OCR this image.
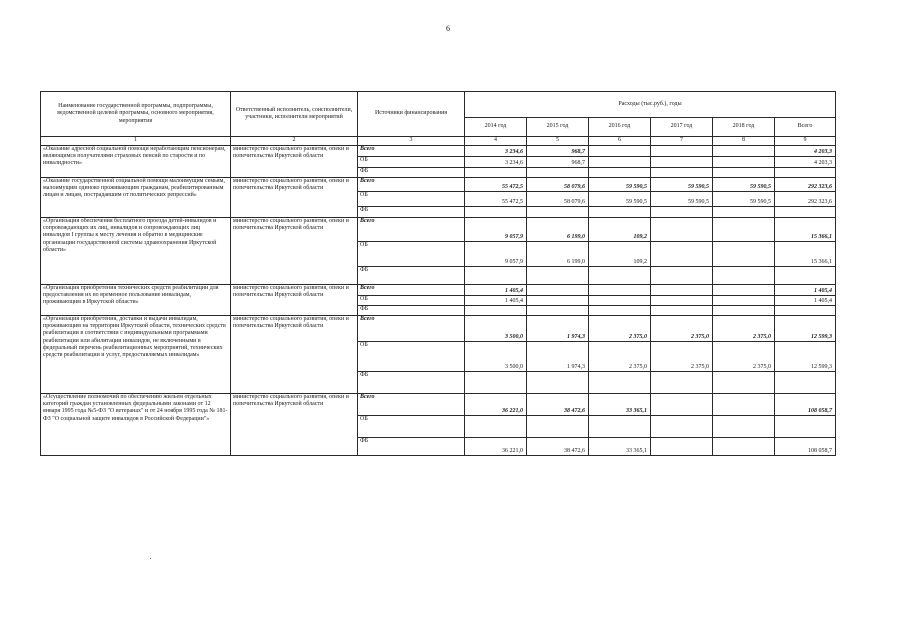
6
Наименование государственной программы, подпрограммы, ведомственной целевой программы, основного мероприятия, мероприятия	Ответственный исполнитель, соисполнители, участники, исполнители мероприятий	Источники финансирования	Расходы (тыс.руб.), годы					
			2014 год	2015 год	2016 год	2017 год	2018 год	Всего
1	2	3	4	5	6	7	8	9
«Оказание адресной социальной помощи неработающим пенсионерам, являющимся получателями страховых пенсий по старости и по инвалидности»	министерство социального развития, опеки и попечительства Иркутской области	Всего	3 234,6	968,7				4 203,3
		ОБ	3 234,6	968,7				4 203,3
		ФБ						
«Оказание государственной социальной помощи малоимущим семьям, малоимущим одиноко проживающим гражданам, реабилитированным лицам и лицам, пострадавшим от политических репрессий»	министерство социального развития, опеки и попечительства Иркутской области	Всего	55 472,5	58 079,6	59 590,5	59 590,5	59 590,5	292 323,6
		ОБ	55 472,5	58 079,6	59 590,5	59 590,5	59 590,5	292 323,6
		ФБ						
«Организация обеспечения бесплатного проезда детей-инвалидов и сопровождающих их лиц, инвалидов и сопровождающих лиц инвалидов I группы к месту лечения и обратно в медицинские организации государственной системы здравоохранения Иркутской области»	министерство социального развития, опеки и попечительства Иркутской области	Всего	9 057,9	6 199,0	109,2			15 366,1
		ОБ	9 057,9	6 199,0	109,2			15 366,1
		ФБ						
«Организация приобретения технических средств реабилитации для предоставления их во временное пользование инвалидам, проживающим в Иркутской области»	министерство социального развития, опеки и попечительства Иркутской области	Всего	1 405,4					1 405,4
		ОБ	1 405,4					1 405,4
		ФБ						
«Организация приобретения, доставки и выдачи инвалидам, проживающим на территории Иркутской области, технических средств реабилитации в соответствии с индивидуальными программами реабилитации или абилитации инвалидов, не включенными в федеральный перечень реабилитационных мероприятий, технических средств реабилитации и услуг, предоставляемых инвалидам»	министерство социального развития, опеки и попечительства Иркутской области	Всего	3 500,0	1 974,3	2 375,0	2 375,0	2 375,0	12 599,3
		ОБ	3 500,0	1 974,3	2 375,0	2 375,0	2 375,0	12 599,3
		ФБ						
«Осуществление полномочий по обеспечению жильем отдельных категорий граждан установленных федеральными законами от 12 января 1995 года №5-ФЗ "О ветеранах" и от 24 ноября 1995 года № 181-ФЗ "О социальной защите инвалидов в Российской Федерации"»	министерство социального развития, опеки и попечительства Иркутской области	Всего	36 221,0	38 472,6	33 365,1			108 058,7
		ОБ						
		ФБ	36 221,0	38 472,6	33 365,1			108 058,7
